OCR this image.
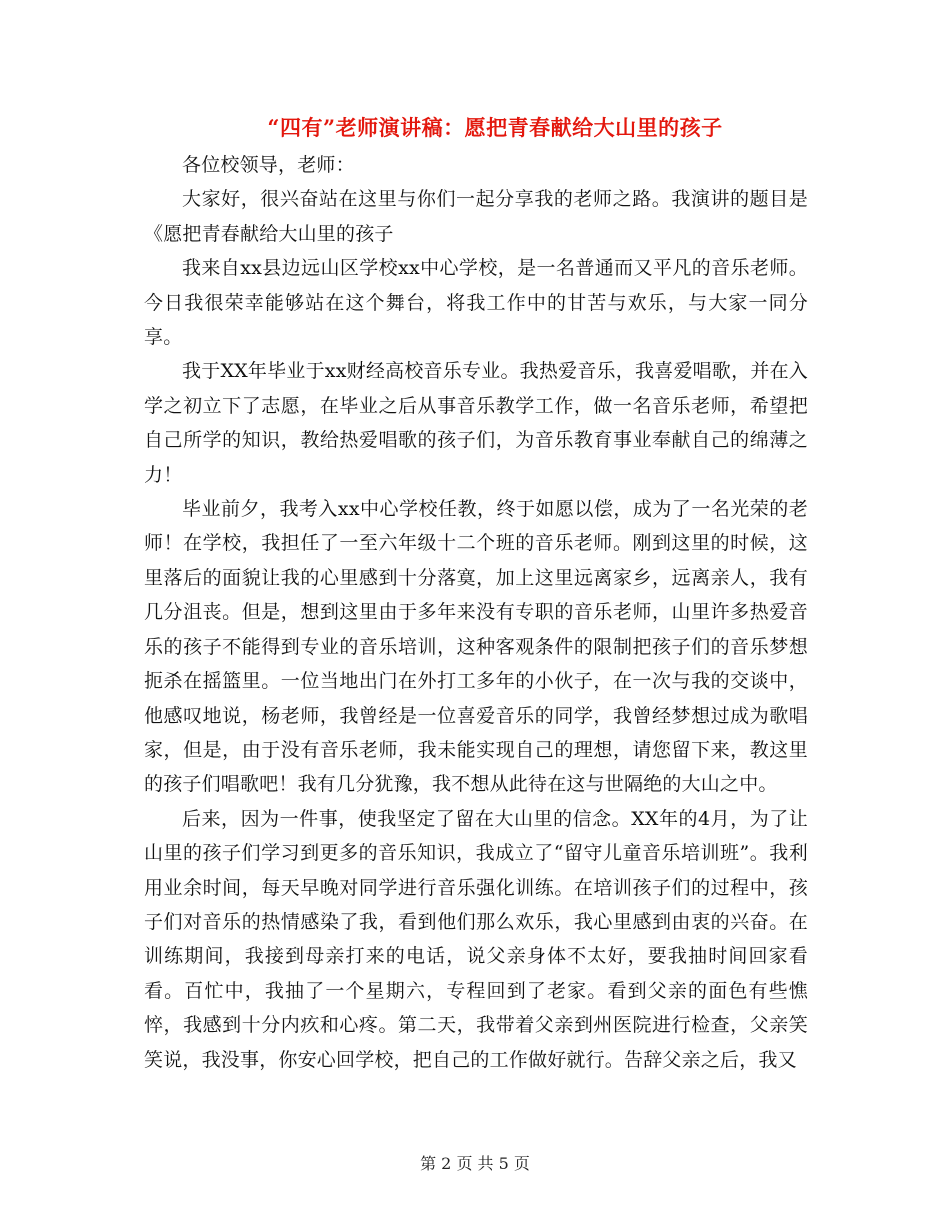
“四有”老师演讲稿：愿把青春献给大山里的孩子

各位校领导，老师：

大家好，很兴奋站在这里与你们一起分享我的老师之路。我演讲的题目是《愿把青春献给大山里的孩子

我来自xx县边远山区学校xx中心学校，是一名普通而又平凡的音乐老师。今日我很荣幸能够站在这个舞台，将我工作中的甘苦与欢乐，与大家一同分享。

我于XX年毕业于xx财经高校音乐专业。我热爱音乐，我喜爱唱歌，并在入学之初立下了志愿，在毕业之后从事音乐教学工作，做一名音乐老师，希望把自己所学的知识，教给热爱唱歌的孩子们，为音乐教育事业奉献自己的绵薄之力！

毕业前夕，我考入xx中心学校任教，终于如愿以偿，成为了一名光荣的老师！在学校，我担任了一至六年级十二个班的音乐老师。刚到这里的时候，这里落后的面貌让我的心里感到十分落寞，加上这里远离家乡，远离亲人，我有几分沮丧。但是，想到这里由于多年来没有专职的音乐老师，山里许多热爱音乐的孩子不能得到专业的音乐培训，这种客观条件的限制把孩子们的音乐梦想扼杀在摇篮里。一位当地出门在外打工多年的小伙子，在一次与我的交谈中，他感叹地说，杨老师，我曾经是一位喜爱音乐的同学，我曾经梦想过成为歌唱家，但是，由于没有音乐老师，我未能实现自己的理想，请您留下来，教这里的孩子们唱歌吧！我有几分犹豫，我不想从此待在这与世隔绝的大山之中。

后来，因为一件事，使我坚定了留在大山里的信念。XX年的4月，为了让山里的孩子们学习到更多的音乐知识，我成立了“留守儿童音乐培训班”。我利用业余时间，每天早晚对同学进行音乐强化训练。在培训孩子们的过程中，孩子们对音乐的热情感染了我，看到他们那么欢乐，我心里感到由衷的兴奋。在训练期间，我接到母亲打来的电话，说父亲身体不太好，要我抽时间回家看看。百忙中，我抽了一个星期六，专程回到了老家。看到父亲的面色有些憔悴，我感到十分内疚和心疼。第二天，我带着父亲到州医院进行检查，父亲笑笑说，我没事，你安心回学校，把自己的工作做好就行。告辞父亲之后，我又

第 2 页 共 5 页
